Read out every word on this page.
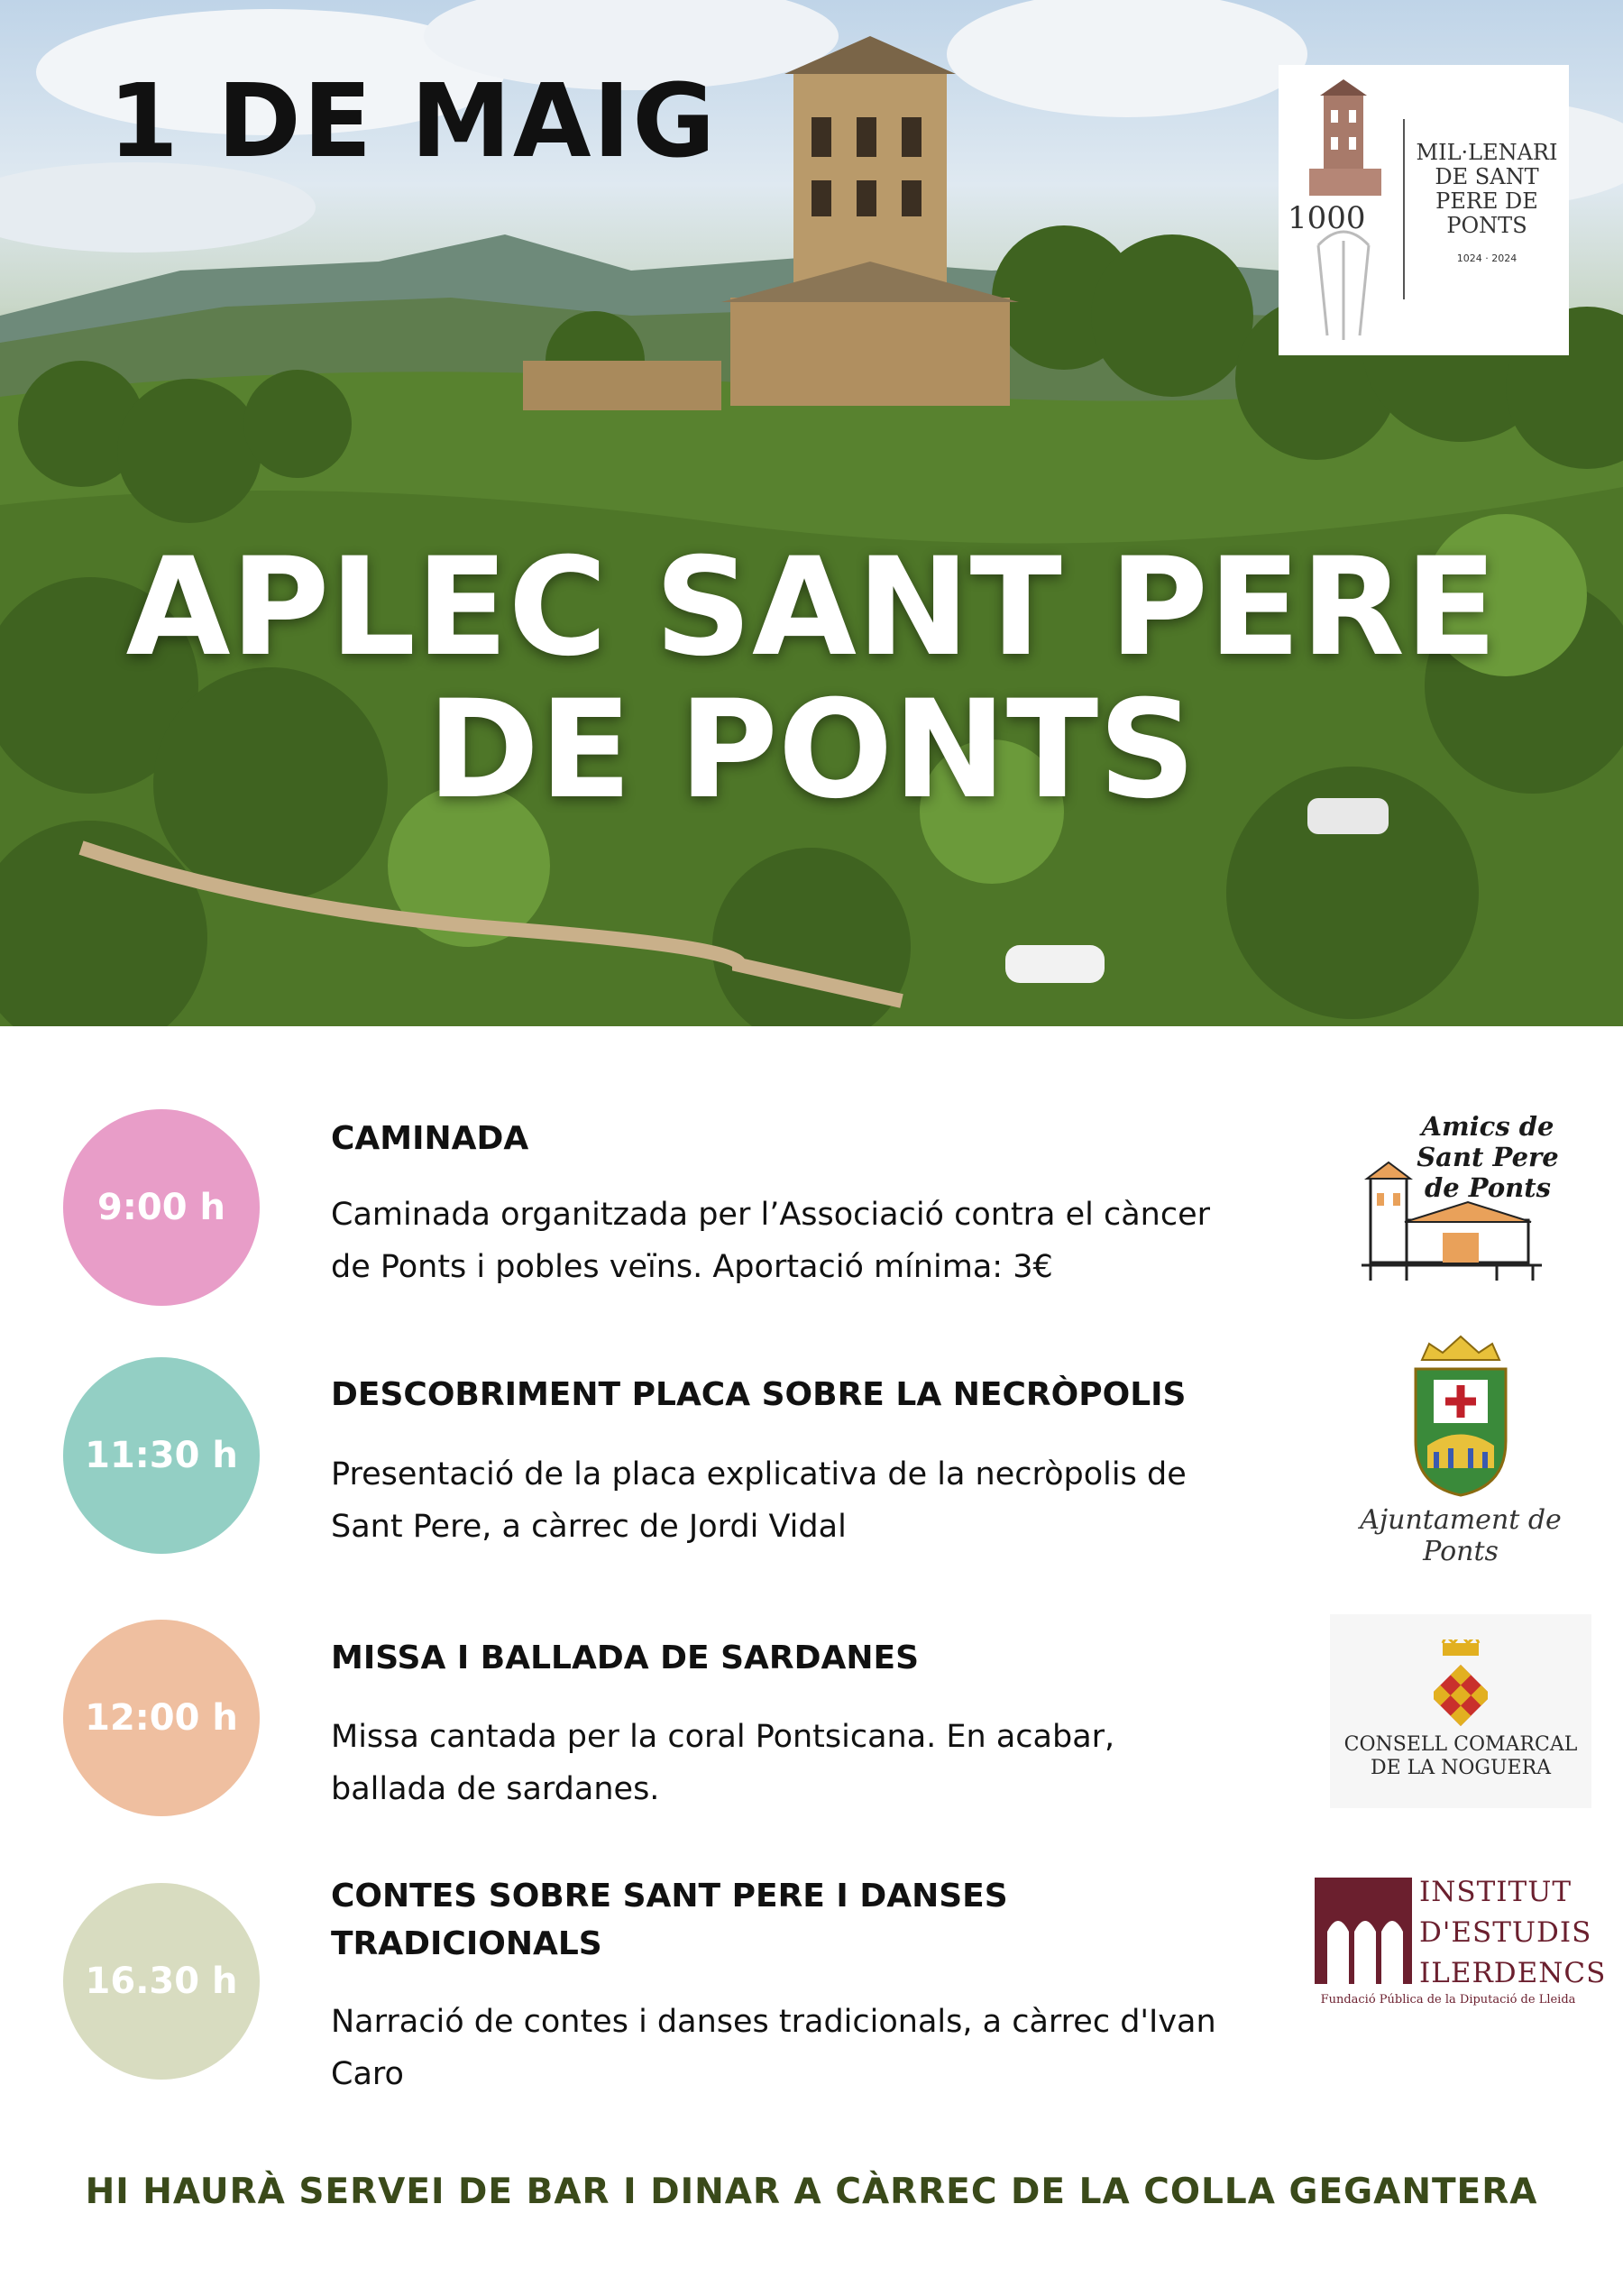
1 DE MAIG
APLEC SANT PERE
DE PONTS
1000
MIL·LENARI DE SANT PERE DE PONTS
1024 · 2024
9:00 h
CAMINADA
Caminada organitzada per l’Associació contra el càncer de Ponts i pobles veïns. Aportació mínima: 3€
11:30 h
DESCOBRIMENT PLACA SOBRE LA NECRÒPOLIS
Presentació de la placa explicativa de la necròpolis de Sant Pere, a càrrec de Jordi Vidal
12:00 h
MISSA I BALLADA DE SARDANES
Missa cantada per la coral Pontsicana. En acabar, ballada de sardanes.
16.30 h
CONTES SOBRE SANT PERE I DANSES TRADICIONALS
Narració de contes i danses tradicionals, a càrrec d'Ivan Caro
Amics de Sant Pere de Ponts
Ajuntament de Ponts
CONSELL COMARCAL DE LA NOGUERA
INSTITUT D'ESTUDIS ILERDENCS
Fundació Pública de la Diputació de Lleida
HI HAURÀ SERVEI DE BAR I DINAR A CÀRREC DE LA COLLA GEGANTERA
